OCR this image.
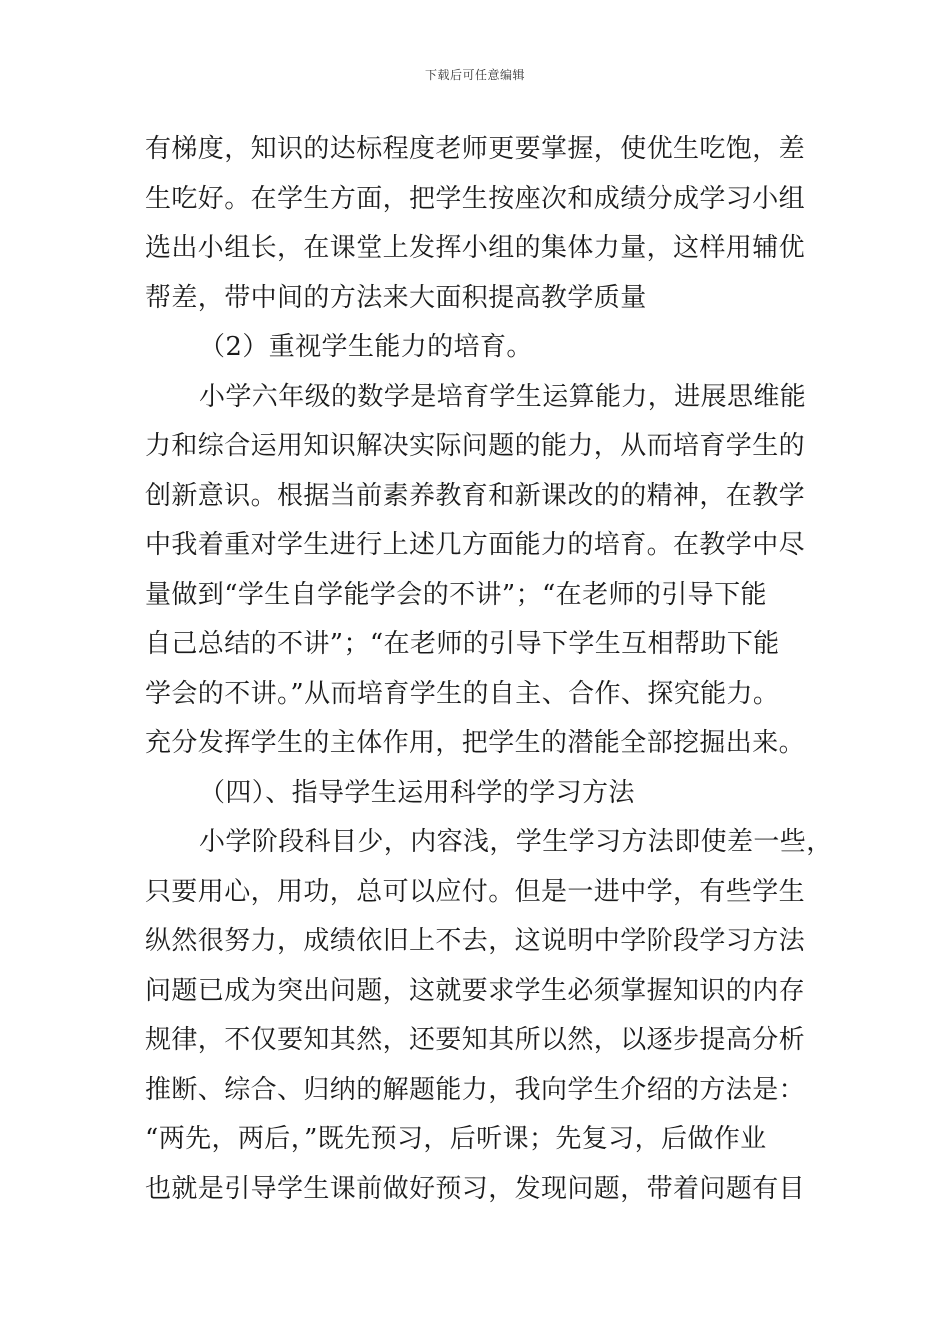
下载后可任意编辑
有梯度，知识的达标程度老师更要掌握，使优生吃饱，差
生吃好。在学生方面，把学生按座次和成绩分成学习小组
选出小组长，在课堂上发挥小组的集体力量，这样用辅优
帮差，带中间的方法来大面积提高教学质量
（2）重视学生能力的培育。
小学六年级的数学是培育学生运算能力，进展思维能
力和综合运用知识解决实际问题的能力，从而培育学生的
创新意识。根据当前素养教育和新课改的的精神，在教学
中我着重对学生进行上述几方面能力的培育。在教学中尽
量做到“学生自学能学会的不讲”；“在老师的引导下能
自己总结的不讲”；“在老师的引导下学生互相帮助下能
学会的不讲。”从而培育学生的自主、合作、探究能力。
充分发挥学生的主体作用，把学生的潜能全部挖掘出来。
（四）、指导学生运用科学的学习方法
小学阶段科目少，内容浅，学生学习方法即使差一些，
只要用心，用功，总可以应付。但是一进中学，有些学生
纵然很努力，成绩依旧上不去，这说明中学阶段学习方法
问题已成为突出问题，这就要求学生必须掌握知识的内存
规律，不仅要知其然，还要知其所以然，以逐步提高分析
推断、综合、归纳的解题能力，我向学生介绍的方法是：
“两先，两后，”既先预习，后听课；先复习，后做作业
也就是引导学生课前做好预习，发现问题，带着问题有目
